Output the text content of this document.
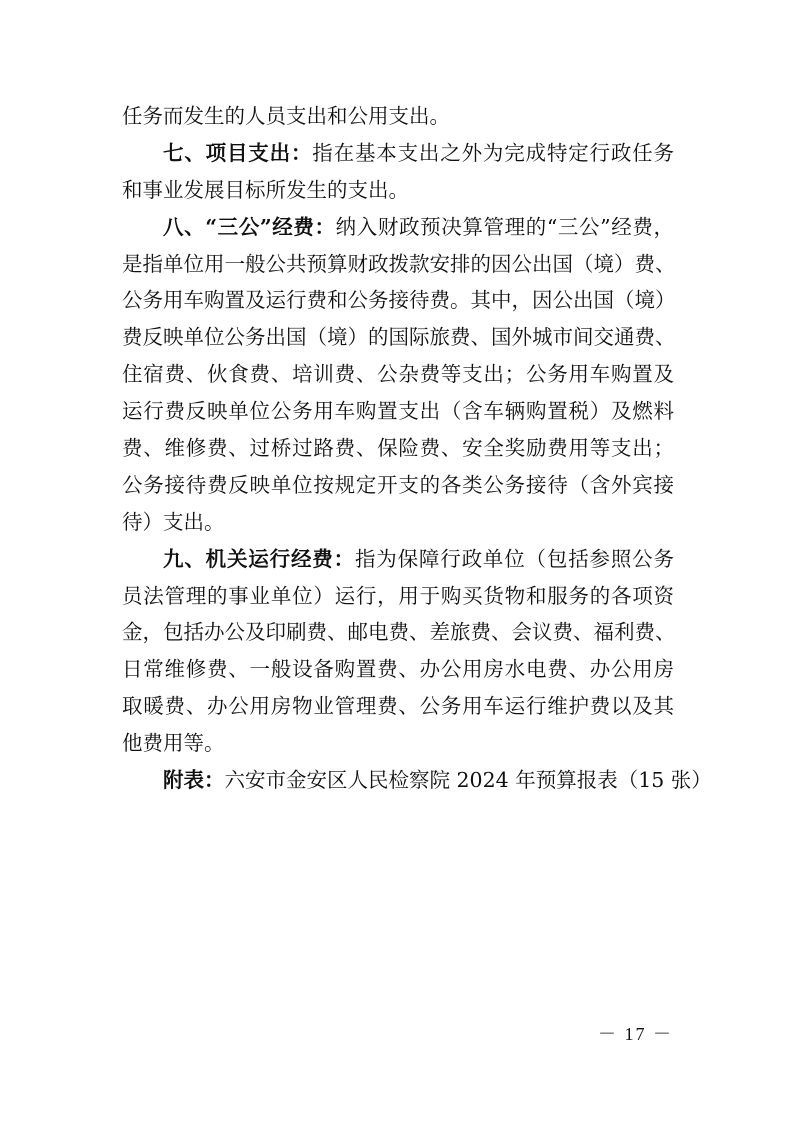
任务而发生的人员支出和公用支出。
七、项目支出：指在基本支出之外为完成特定行政任务
和事业发展目标所发生的支出。
八、“三公”经费：纳入财政预决算管理的“三公”经费，
是指单位用一般公共预算财政拨款安排的因公出国（境）费、
公务用车购置及运行费和公务接待费。其中，因公出国（境）
费反映单位公务出国（境）的国际旅费、国外城市间交通费、
住宿费、伙食费、培训费、公杂费等支出；公务用车购置及
运行费反映单位公务用车购置支出（含车辆购置税）及燃料
费、维修费、过桥过路费、保险费、安全奖励费用等支出；
公务接待费反映单位按规定开支的各类公务接待（含外宾接
待）支出。
九、机关运行经费：指为保障行政单位（包括参照公务
员法管理的事业单位）运行，用于购买货物和服务的各项资
金，包括办公及印刷费、邮电费、差旅费、会议费、福利费、
日常维修费、一般设备购置费、办公用房水电费、办公用房
取暖费、办公用房物业管理费、公务用车运行维护费以及其
他费用等。
附表：六安市金安区人民检察院 2024 年预算报表（15 张）
－ 17 －
